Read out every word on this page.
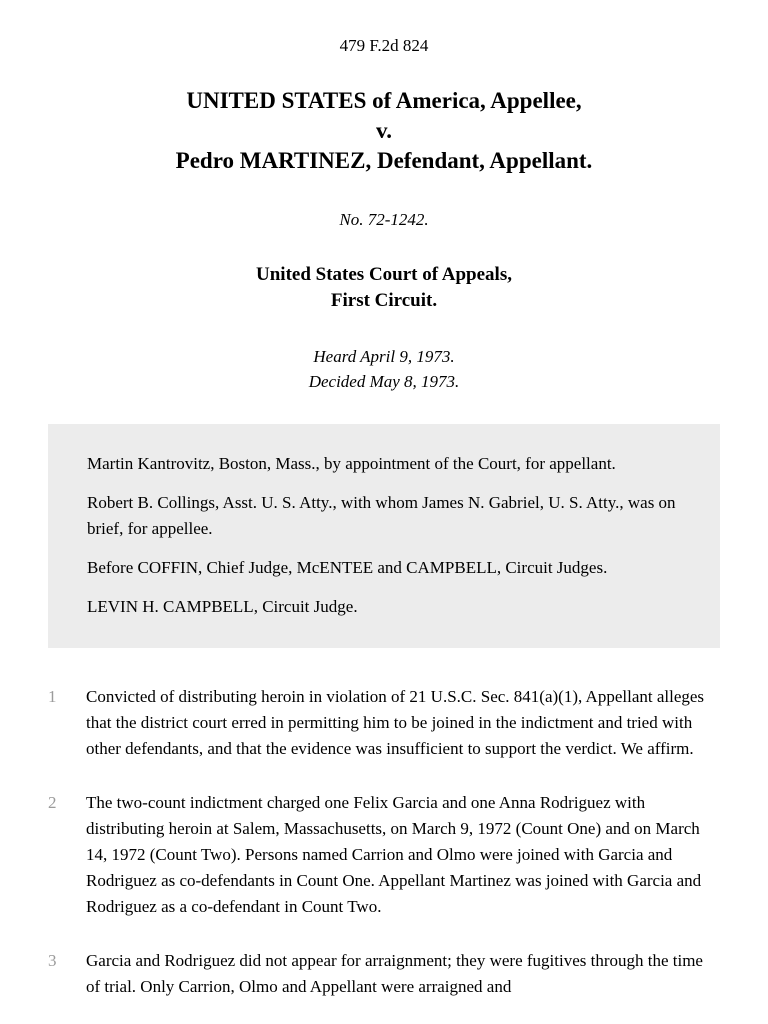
479 F.2d 824
UNITED STATES of America, Appellee,
v.
Pedro MARTINEZ, Defendant, Appellant.
No. 72-1242.
United States Court of Appeals,
First Circuit.
Heard April 9, 1973.
Decided May 8, 1973.

Martin Kantrovitz, Boston, Mass., by appointment of the Court, for appellant.

Robert B. Collings, Asst. U. S. Atty., with whom James N. Gabriel, U. S. Atty., was on brief, for appellee.

Before COFFIN, Chief Judge, McENTEE and CAMPBELL, Circuit Judges.

LEVIN H. CAMPBELL, Circuit Judge.

1	Convicted of distributing heroin in violation of 21 U.S.C. Sec. 841(a)(1), Appellant alleges that the district court erred in permitting him to be joined in the indictment and tried with other defendants, and that the evidence was insufficient to support the verdict. We affirm.
2	The two-count indictment charged one Felix Garcia and one Anna Rodriguez with distributing heroin at Salem, Massachusetts, on March 9, 1972 (Count One) and on March 14, 1972 (Count Two). Persons named Carrion and Olmo were joined with Garcia and Rodriguez as co-defendants in Count One. Appellant Martinez was joined with Garcia and Rodriguez as a co-defendant in Count Two.
3	Garcia and Rodriguez did not appear for arraignment; they were fugitives through the time of trial. Only Carrion, Olmo and Appellant were arraigned and
